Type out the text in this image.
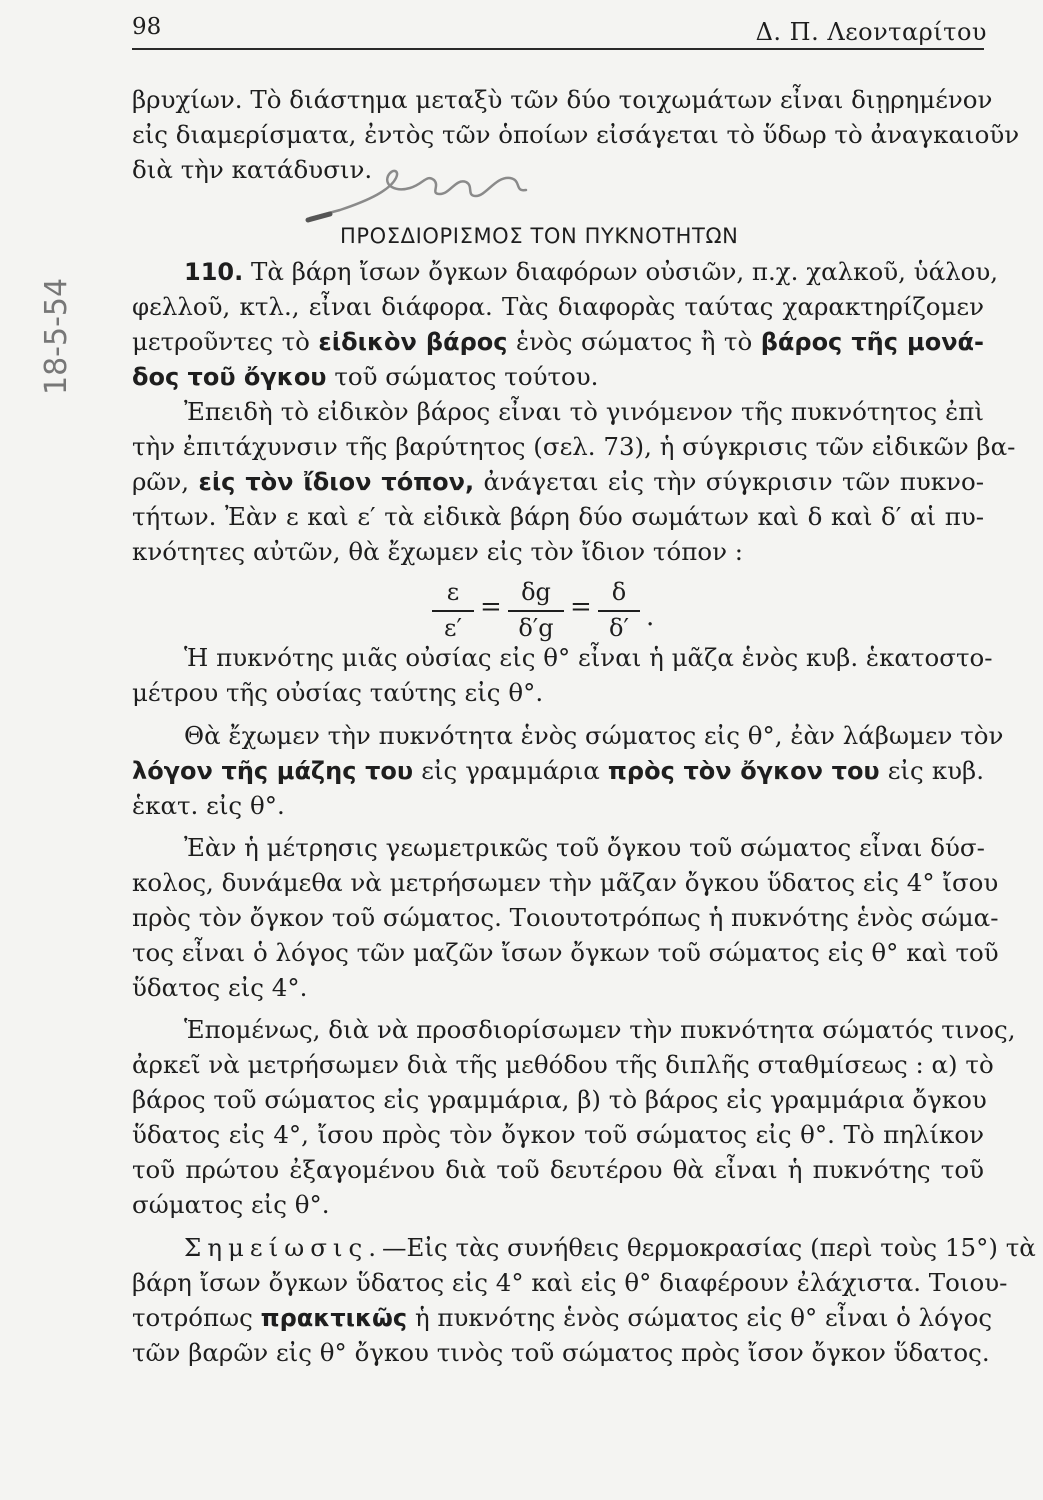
98	Δ. Π. Λεονταρίτου
18-5-54
ΠΡΟΣΔΙΟΡΙΣΜΟΣ ΤΟΝ ΠΥΚΝΟΤΗΤΩΝ
βρυχίων. Τὸ διάστημα μεταξὺ τῶν δύο τοιχωμάτων εἶναι διῃρημένον
εἰς διαμερίσματα, ἐντὸς τῶν ὁποίων εἰσάγεται τὸ ὕδωρ τὸ ἀναγκαιοῦν
διὰ τὴν κατάδυσιν.
110. Τὰ βάρη ἴσων ὄγκων διαφόρων οὐσιῶν, π.χ. χαλκοῦ, ὑάλου,
φελλοῦ, κτλ., εἶναι διάφορα. Τὰς διαφορὰς ταύτας χαρακτηρίζομεν
μετροῦντες τὸ εἰδικὸν βάρος ἑνὸς σώματος ἢ τὸ βάρος τῆς μονά-
δος τοῦ ὄγκου τοῦ σώματος τούτου.
Ἐπειδὴ τὸ εἰδικὸν βάρος εἶναι τὸ γινόμενον τῆς πυκνότητος ἐπὶ
τὴν ἐπιτάχυνσιν τῆς βαρύτητος (σελ. 73), ἡ σύγκρισις τῶν εἰδικῶν βα-
ρῶν, εἰς τὸν ἴδιον τόπον, ἀνάγεται εἰς τὴν σύγκρισιν τῶν πυκνο-
τήτων. Ἐὰν ε καὶ ε′ τὰ εἰδικὰ βάρη δύο σωμάτων καὶ δ καὶ δ′ αἱ πυ-
κνότητες αὐτῶν, θὰ ἔχωμεν εἰς τὸν ἴδιον τόπον :
Ἡ πυκνότης μιᾶς οὐσίας εἰς θ° εἶναι ἡ μᾶζα ἑνὸς κυβ. ἑκατοστο-
μέτρου τῆς οὐσίας ταύτης εἰς θ°.
Θὰ ἔχωμεν τὴν πυκνότητα ἑνὸς σώματος εἰς θ°, ἐὰν λάβωμεν τὸν
λόγον τῆς μάζης του εἰς γραμμάρια πρὸς τὸν ὄγκον του εἰς κυβ.
ἑκατ. εἰς θ°.
Ἐὰν ἡ μέτρησις γεωμετρικῶς τοῦ ὄγκου τοῦ σώματος εἶναι δύσ-
κολος, δυνάμεθα νὰ μετρήσωμεν τὴν μᾶζαν ὄγκου ὕδατος εἰς 4° ἴσου
πρὸς τὸν ὄγκον τοῦ σώματος. Τοιουτοτρόπως ἡ πυκνότης ἑνὸς σώμα-
τος εἶναι ὁ λόγος τῶν μαζῶν ἴσων ὄγκων τοῦ σώματος εἰς θ° καὶ τοῦ
ὕδατος εἰς 4°.
Ἑπομένως, διὰ νὰ προσδιορίσωμεν τὴν πυκνότητα σώματός τινος,
ἀρκεῖ νὰ μετρήσωμεν διὰ τῆς μεθόδου τῆς διπλῆς σταθμίσεως : α) τὸ
βάρος τοῦ σώματος εἰς γραμμάρια, β) τὸ βάρος εἰς γραμμάρια ὄγκου
ὕδατος εἰς 4°, ἴσου πρὸς τὸν ὄγκον τοῦ σώματος εἰς θ°. Τὸ πηλίκον
τοῦ πρώτου ἐξαγομένου διὰ τοῦ δευτέρου θὰ εἶναι ἡ πυκνότης τοῦ
σώματος εἰς θ°.
Σημείωσις.—Εἰς τὰς συνήθεις θερμοκρασίας (περὶ τοὺς 15°) τὰ
βάρη ἴσων ὄγκων ὕδατος εἰς 4° καὶ εἰς θ° διαφέρουν ἐλάχιστα. Τοιου-
τοτρόπως πρακτικῶς ἡ πυκνότης ἑνὸς σώματος εἰς θ° εἶναι ὁ λόγος
τῶν βαρῶν εἰς θ° ὄγκου τινὸς τοῦ σώματος πρὸς ἴσον ὄγκον ὕδατος.
ε
ε′
= δg
δ′g
= δ
δ′ .
